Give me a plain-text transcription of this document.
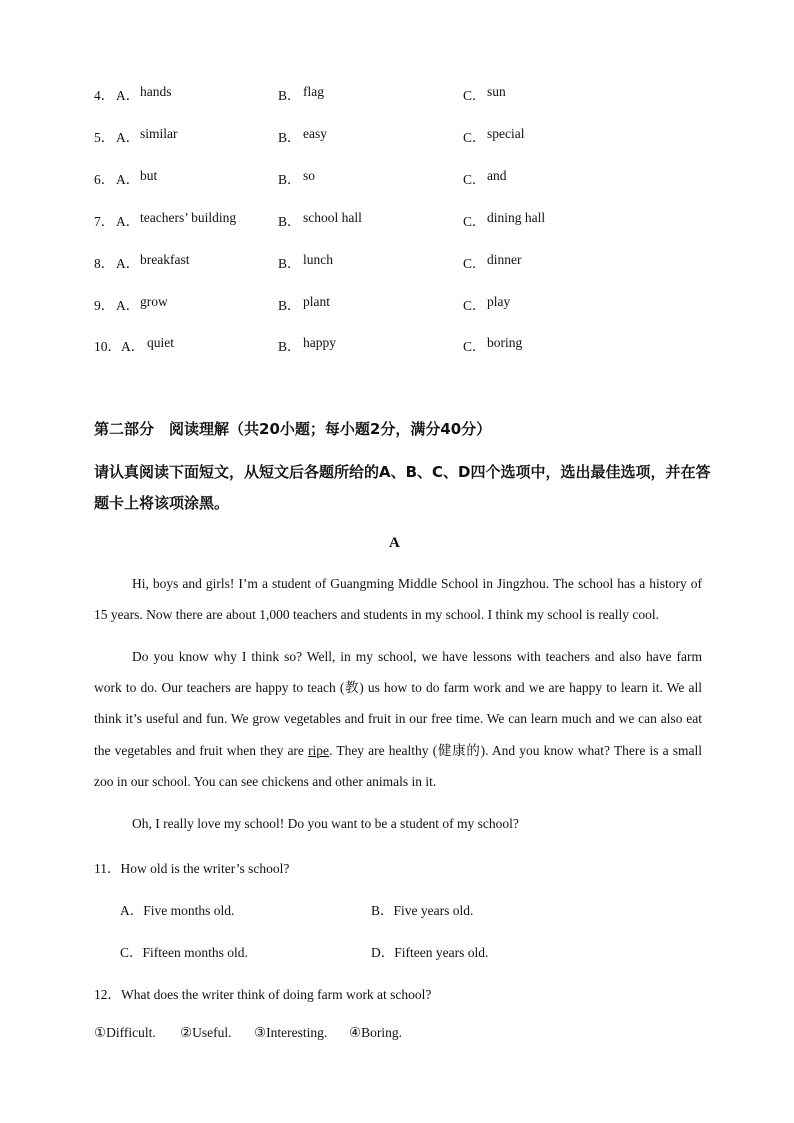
4． A． hands	B． flag	C． sun
5． A． similar	B． easy	C． special
6． A． but	B． so	C． and
7． A． teachers’ building	B． school hall	C． dining hall
8． A． breakfast	B． lunch	C． dinner
9． A． grow	B． plant	C． play
10． A． quiet	B． happy	C． boring
第二部分　阅读理解（共20小题；每小题2分，满分40分）
请认真阅读下面短文，从短文后各题所给的A、B、C、D四个选项中，选出最佳选项，并在答题卡上将该项涂黑。
A
Hi, boys and girls! I’m a student of Guangming Middle School in Jingzhou. The school has a history of 15 years. Now there are about 1,000 teachers and students in my school. I think my school is really cool.
Do you know why I think so? Well, in my school, we have lessons with teachers and also have farm work to do. Our teachers are happy to teach (教) us how to do farm work and we are happy to learn it. We all think it’s useful and fun. We grow vegetables and fruit in our free time. We can learn much and we can also eat the vegetables and fruit when they are ripe. They are healthy (健康的). And you know what? There is a small zoo in our school. You can see chickens and other animals in it.
Oh, I really love my school! Do you want to be a student of my school?
11．How old is the writer’s school?
A．Five months old.	B．Five years old.
C．Fifteen months old.	D．Fifteen years old.
12．What does the writer think of doing farm work at school?
①Difficult. ②Useful. ③Interesting. ④Boring.
